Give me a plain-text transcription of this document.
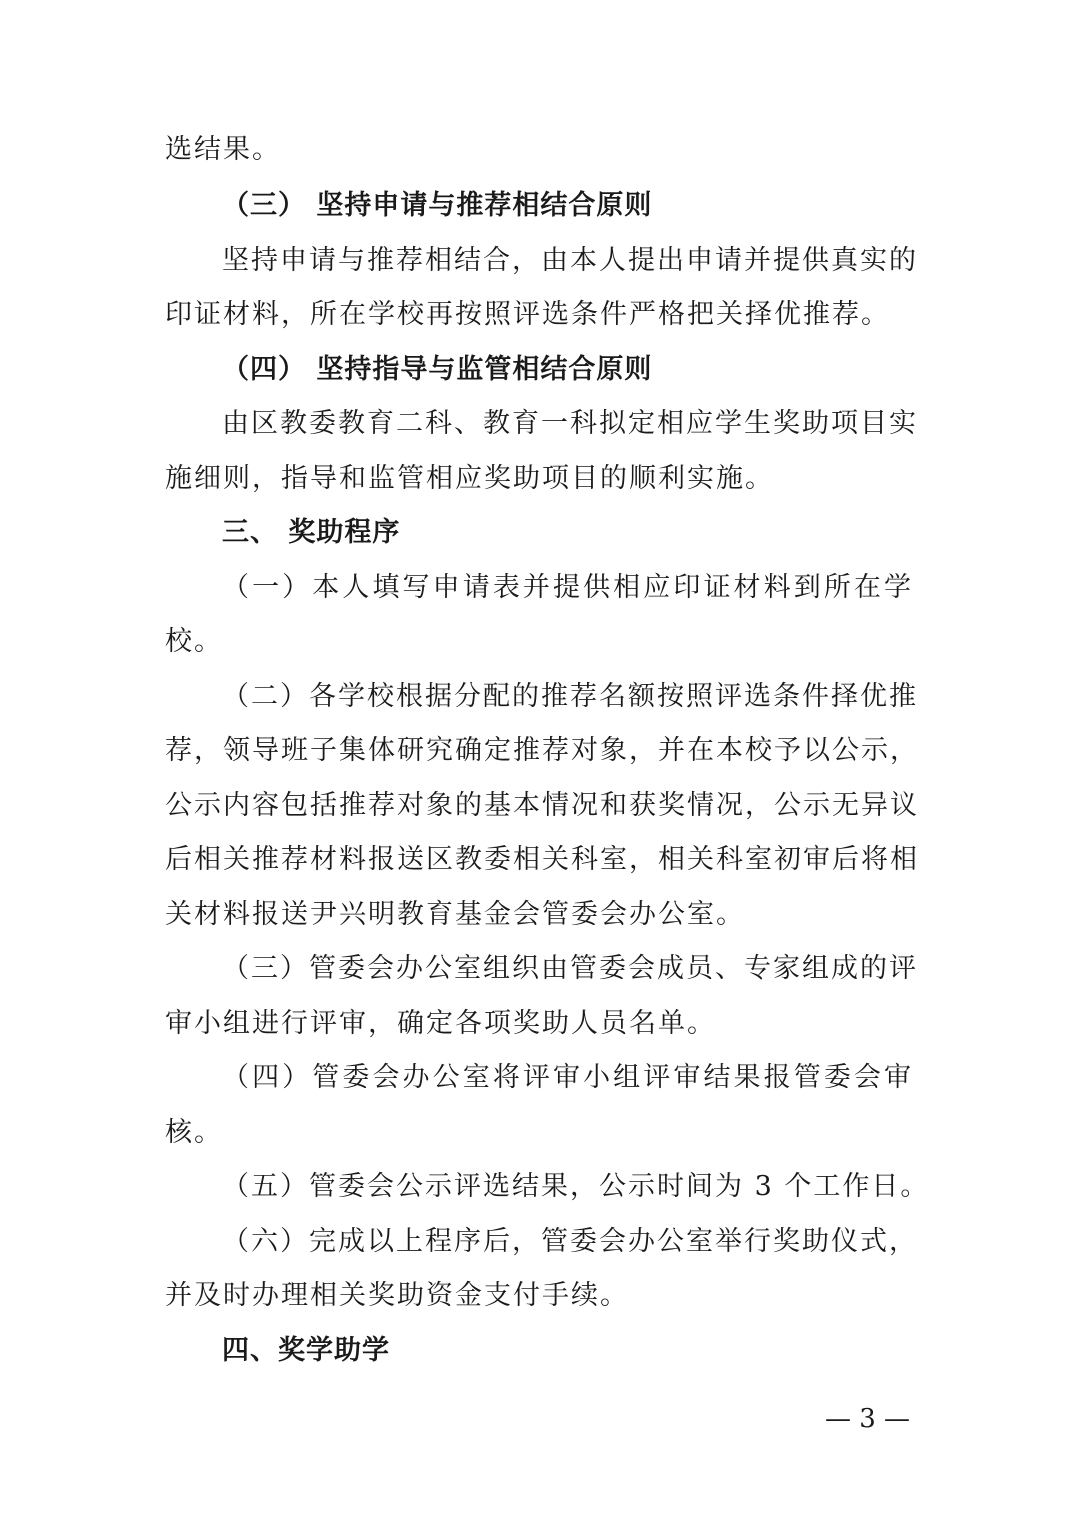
选结果。
（三） 坚持申请与推荐相结合原则
坚持申请与推荐相结合，由本人提出申请并提供真实的
印证材料，所在学校再按照评选条件严格把关择优推荐。
（四） 坚持指导与监管相结合原则
由区教委教育二科、教育一科拟定相应学生奖助项目实
施细则，指导和监管相应奖助项目的顺利实施。
三、 奖助程序
（一）本人填写申请表并提供相应印证材料到所在学
校。
（二）各学校根据分配的推荐名额按照评选条件择优推
荐，领导班子集体研究确定推荐对象，并在本校予以公示，
公示内容包括推荐对象的基本情况和获奖情况，公示无异议
后相关推荐材料报送区教委相关科室，相关科室初审后将相
关材料报送尹兴明教育基金会管委会办公室。
（三）管委会办公室组织由管委会成员、专家组成的评
审小组进行评审，确定各项奖助人员名单。
（四）管委会办公室将评审小组评审结果报管委会审
核。
（五）管委会公示评选结果，公示时间为 3 个工作日。
（六）完成以上程序后，管委会办公室举行奖助仪式，
并及时办理相关奖助资金支付手续。
四、奖学助学
— 3 —
